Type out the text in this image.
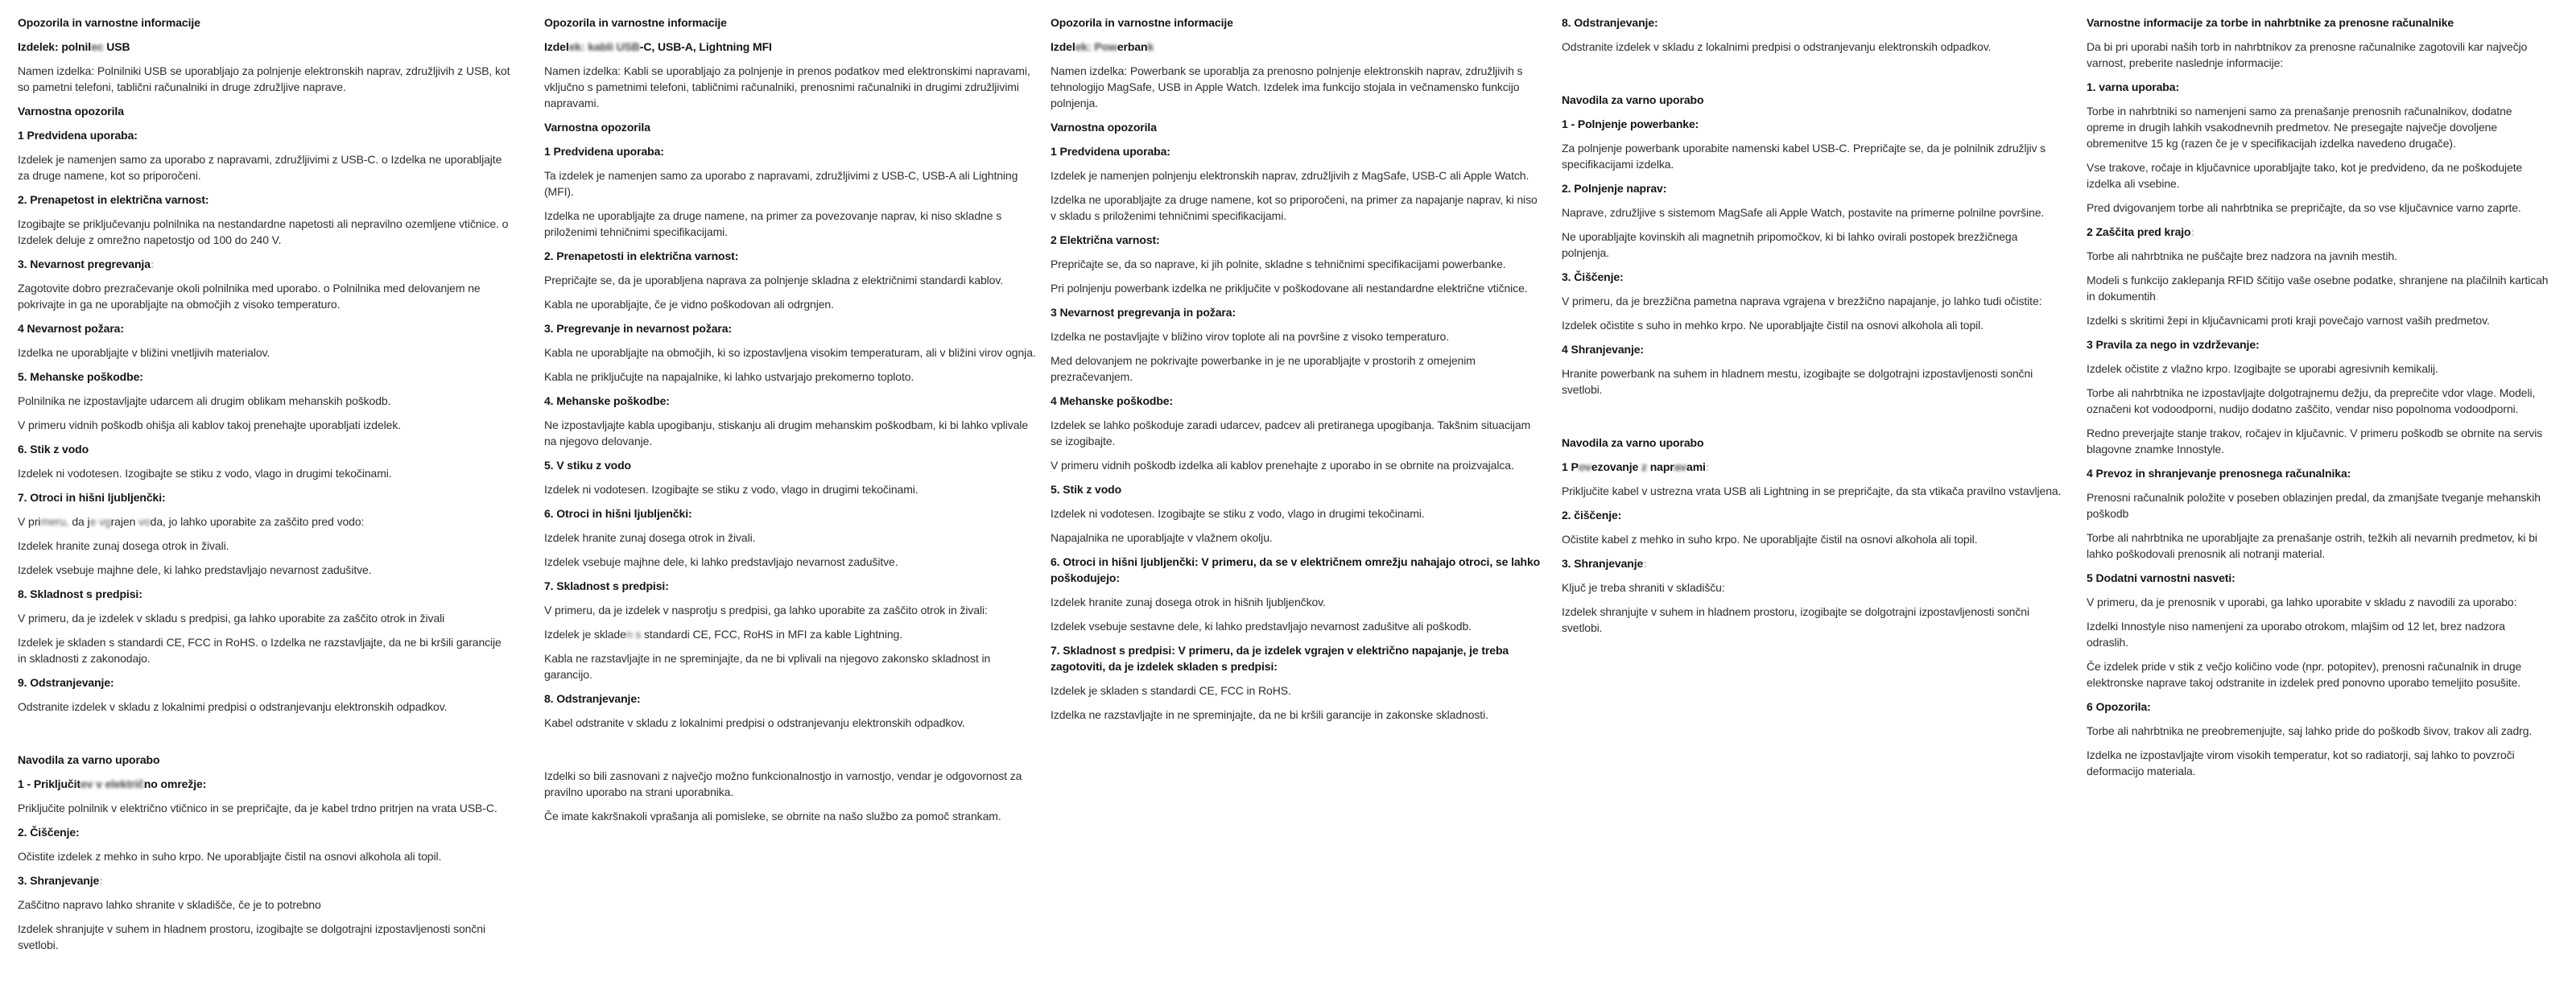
Opozorila in varnostne informacije
Izdelek: polnilec USB
Namen izdelka: Polnilniki USB se uporabljajo za polnjenje elektronskih naprav, združljivih z USB, kot so pametni telefoni, tablični računalniki in druge združljive naprave.
Varnostna opozorila
1 Predvidena uporaba:
Izdelek je namenjen samo za uporabo z napravami, združljivimi z USB-C. o Izdelka ne uporabljajte za druge namene, kot so priporočeni.
2. Prenapetost in električna varnost:
Izogibajte se priključevanju polnilnika na nestandardne napetosti ali nepravilno ozemljene vtičnice. o Izdelek deluje z omrežno napetostjo od 100 do 240 V.
3. Nevarnost pregrevanja:
Zagotovite dobro prezračevanje okoli polnilnika med uporabo. o Polnilnika med delovanjem ne pokrivajte in ga ne uporabljajte na območjih z visoko temperaturo.
4 Nevarnost požara:
Izdelka ne uporabljajte v bližini vnetljivih materialov.
5. Mehanske poškodbe:
Polnilnika ne izpostavljajte udarcem ali drugim oblikam mehanskih poškodb.
V primeru vidnih poškodb ohišja ali kablov takoj prenehajte uporabljati izdelek.
6. Stik z vodo
Izdelek ni vodotesen. Izogibajte se stiku z vodo, vlago in drugimi tekočinami.
7. Otroci in hišni ljubljenčki:
V primeru, da je vgrajen voda, jo lahko uporabite za zaščito pred vodo:
Izdelek hranite zunaj dosega otrok in živali.
Izdelek vsebuje majhne dele, ki lahko predstavljajo nevarnost zadušitve.
8. Skladnost s predpisi:
V primeru, da je izdelek v skladu s predpisi, ga lahko uporabite za zaščito otrok in živali
Izdelek je skladen s standardi CE, FCC in RoHS. o Izdelka ne razstavljajte, da ne bi kršili garancije in skladnosti z zakonodajo.
9. Odstranjevanje:
Odstranite izdelek v skladu z lokalnimi predpisi o odstranjevanju elektronskih odpadkov.
Navodila za varno uporabo
1 - Priključitev v električno omrežje:
Priključite polnilnik v električno vtičnico in se prepričajte, da je kabel trdno pritrjen na vrata USB-C.
2. Čiščenje:
Očistite izdelek z mehko in suho krpo. Ne uporabljajte čistil na osnovi alkohola ali topil.
3. Shranjevanje:
Zaščitno napravo lahko shranite v skladišče, če je to potrebno
Izdelek shranjujte v suhem in hladnem prostoru, izogibajte se dolgotrajni izpostavljenosti sončni svetlobi.
Opozorila in varnostne informacije
Izdelek: kabli USB-C, USB-A, Lightning MFI
Namen izdelka: Kabli se uporabljajo za polnjenje in prenos podatkov med elektronskimi napravami, vključno s pametnimi telefoni, tabličnimi računalniki, prenosnimi računalniki in drugimi združljivimi napravami.
Varnostna opozorila
1 Predvidena uporaba:
Ta izdelek je namenjen samo za uporabo z napravami, združljivimi z USB-C, USB-A ali Lightning (MFI).
Izdelka ne uporabljajte za druge namene, na primer za povezovanje naprav, ki niso skladne s priloženimi tehničnimi specifikacijami.
2. Prenapetosti in električna varnost:
Prepričajte se, da je uporabljena naprava za polnjenje skladna z električnimi standardi kablov.
Kabla ne uporabljajte, če je vidno poškodovan ali odrgnjen.
3. Pregrevanje in nevarnost požara:
Kabla ne uporabljajte na območjih, ki so izpostavljena visokim temperaturam, ali v bližini virov ognja.
Kabla ne priključujte na napajalnike, ki lahko ustvarjajo prekomerno toploto.
4. Mehanske poškodbe:
Ne izpostavljajte kabla upogibanju, stiskanju ali drugim mehanskim poškodbam, ki bi lahko vplivale na njegovo delovanje.
5. V stiku z vodo
Izdelek ni vodotesen. Izogibajte se stiku z vodo, vlago in drugimi tekočinami.
6. Otroci in hišni ljubljenčki:
Izdelek hranite zunaj dosega otrok in živali.
Izdelek vsebuje majhne dele, ki lahko predstavljajo nevarnost zadušitve.
7. Skladnost s predpisi:
V primeru, da je izdelek v nasprotju s predpisi, ga lahko uporabite za zaščito otrok in živali:
Izdelek je skladen s standardi CE, FCC, RoHS in MFI za kable Lightning.
Kabla ne razstavljajte in ne spreminjajte, da ne bi vplivali na njegovo zakonsko skladnost in garancijo.
8. Odstranjevanje:
Kabel odstranite v skladu z lokalnimi predpisi o odstranjevanju elektronskih odpadkov.
Izdelki so bili zasnovani z največjo možno funkcionalnostjo in varnostjo, vendar je odgovornost za pravilno uporabo na strani uporabnika.
Če imate kakršnakoli vprašanja ali pomisleke, se obrnite na našo službo za pomoč strankam.
Opozorila in varnostne informacije
Izdelek: Powerbank
Namen izdelka: Powerbank se uporablja za prenosno polnjenje elektronskih naprav, združljivih s tehnologijo MagSafe, USB in Apple Watch. Izdelek ima funkcijo stojala in večnamensko funkcijo polnjenja.
Varnostna opozorila
1 Predvidena uporaba:
Izdelek je namenjen polnjenju elektronskih naprav, združljivih z MagSafe, USB-C ali Apple Watch.
Izdelka ne uporabljajte za druge namene, kot so priporočeni, na primer za napajanje naprav, ki niso v skladu s priloženimi tehničnimi specifikacijami.
2 Električna varnost:
Prepričajte se, da so naprave, ki jih polnite, skladne s tehničnimi specifikacijami powerbanke.
Pri polnjenju powerbank izdelka ne priključite v poškodovane ali nestandardne električne vtičnice.
3 Nevarnost pregrevanja in požara:
Izdelka ne postavljajte v bližino virov toplote ali na površine z visoko temperaturo.
Med delovanjem ne pokrivajte powerbanke in je ne uporabljajte v prostorih z omejenim prezračevanjem.
4 Mehanske poškodbe:
Izdelek se lahko poškoduje zaradi udarcev, padcev ali pretiranega upogibanja. Takšnim situacijam se izogibajte.
V primeru vidnih poškodb izdelka ali kablov prenehajte z uporabo in se obrnite na proizvajalca.
5. Stik z vodo
Izdelek ni vodotesen. Izogibajte se stiku z vodo, vlago in drugimi tekočinami.
Napajalnika ne uporabljajte v vlažnem okolju.
6. Otroci in hišni ljubljenčki: V primeru, da se v električnem omrežju nahajajo otroci, se lahko poškodujejo:
Izdelek hranite zunaj dosega otrok in hišnih ljubljenčkov.
Izdelek vsebuje sestavne dele, ki lahko predstavljajo nevarnost zadušitve ali poškodb.
7. Skladnost s predpisi: V primeru, da je izdelek vgrajen v električno napajanje, je treba zagotoviti, da je izdelek skladen s predpisi:
Izdelek je skladen s standardi CE, FCC in RoHS.
Izdelka ne razstavljajte in ne spreminjajte, da ne bi kršili garancije in zakonske skladnosti.
8. Odstranjevanje:
Odstranite izdelek v skladu z lokalnimi predpisi o odstranjevanju elektronskih odpadkov.
Navodila za varno uporabo
1 - Polnjenje powerbanke:
Za polnjenje powerbank uporabite namenski kabel USB-C. Prepričajte se, da je polnilnik združljiv s specifikacijami izdelka.
2. Polnjenje naprav:
Naprave, združljive s sistemom MagSafe ali Apple Watch, postavite na primerne polnilne površine.
Ne uporabljajte kovinskih ali magnetnih pripomočkov, ki bi lahko ovirali postopek brezžičnega polnjenja.
3. Čiščenje:
V primeru, da je brezžična pametna naprava vgrajena v brezžično napajanje, jo lahko tudi očistite:
Izdelek očistite s suho in mehko krpo. Ne uporabljajte čistil na osnovi alkohola ali topil.
4 Shranjevanje:
Hranite powerbank na suhem in hladnem mestu, izogibajte se dolgotrajni izpostavljenosti sončni svetlobi.
Navodila za varno uporabo
1 Povezovanje z napravami:
Priključite kabel v ustrezna vrata USB ali Lightning in se prepričajte, da sta vtikača pravilno vstavljena.
2. čiščenje:
Očistite kabel z mehko in suho krpo. Ne uporabljajte čistil na osnovi alkohola ali topil.
3. Shranjevanje:
Ključ je treba shraniti v skladišču:
Izdelek shranjujte v suhem in hladnem prostoru, izogibajte se dolgotrajni izpostavljenosti sončni svetlobi.
Varnostne informacije za torbe in nahrbtnike za prenosne računalnike
Da bi pri uporabi naših torb in nahrbtnikov za prenosne računalnike zagotovili kar največjo varnost, preberite naslednje informacije:
1. varna uporaba:
Torbe in nahrbtniki so namenjeni samo za prenašanje prenosnih računalnikov, dodatne opreme in drugih lahkih vsakodnevnih predmetov. Ne presegajte največje dovoljene obremenitve 15 kg (razen če je v specifikacijah izdelka navedeno drugače).
Vse trakove, ročaje in ključavnice uporabljajte tako, kot je predvideno, da ne poškodujete izdelka ali vsebine.
Pred dvigovanjem torbe ali nahrbtnika se prepričajte, da so vse ključavnice varno zaprte.
2 Zaščita pred krajo:
Torbe ali nahrbtnika ne puščajte brez nadzora na javnih mestih.
Modeli s funkcijo zaklepanja RFID ščitijo vaše osebne podatke, shranjene na plačilnih karticah in dokumentih.
Izdelki s skritimi žepi in ključavnicami proti kraji povečajo varnost vaših predmetov.
3 Pravila za nego in vzdrževanje:
Izdelek očistite z vlažno krpo. Izogibajte se uporabi agresivnih kemikalij.
Torbe ali nahrbtnika ne izpostavljajte dolgotrajnemu dežju, da preprečite vdor vlage. Modeli, označeni kot vodoodporni, nudijo dodatno zaščito, vendar niso popolnoma vodoodporni.
Redno preverjajte stanje trakov, ročajev in ključavnic. V primeru poškodb se obrnite na servis blagovne znamke Innostyle.
4 Prevoz in shranjevanje prenosnega računalnika:
Prenosni računalnik položite v poseben oblazinjen predal, da zmanjšate tveganje mehanskih poškodb
Torbe ali nahrbtnika ne uporabljajte za prenašanje ostrih, težkih ali nevarnih predmetov, ki bi lahko poškodovali prenosnik ali notranji material.
5 Dodatni varnostni nasveti:
V primeru, da je prenosnik v uporabi, ga lahko uporabite v skladu z navodili za uporabo:
Izdelki Innostyle niso namenjeni za uporabo otrokom, mlajšim od 12 let, brez nadzora odraslih.
Če izdelek pride v stik z večjo količino vode (npr. potopitev), prenosni računalnik in druge elektronske naprave takoj odstranite in izdelek pred ponovno uporabo temeljito posušite.
6 Opozorila:
Torbe ali nahrbtnika ne preobremenjujte, saj lahko pride do poškodb šivov, trakov ali zadrg.
Izdelka ne izpostavljajte virom visokih temperatur, kot so radiatorji, saj lahko to povzroči deformacijo materiala.
